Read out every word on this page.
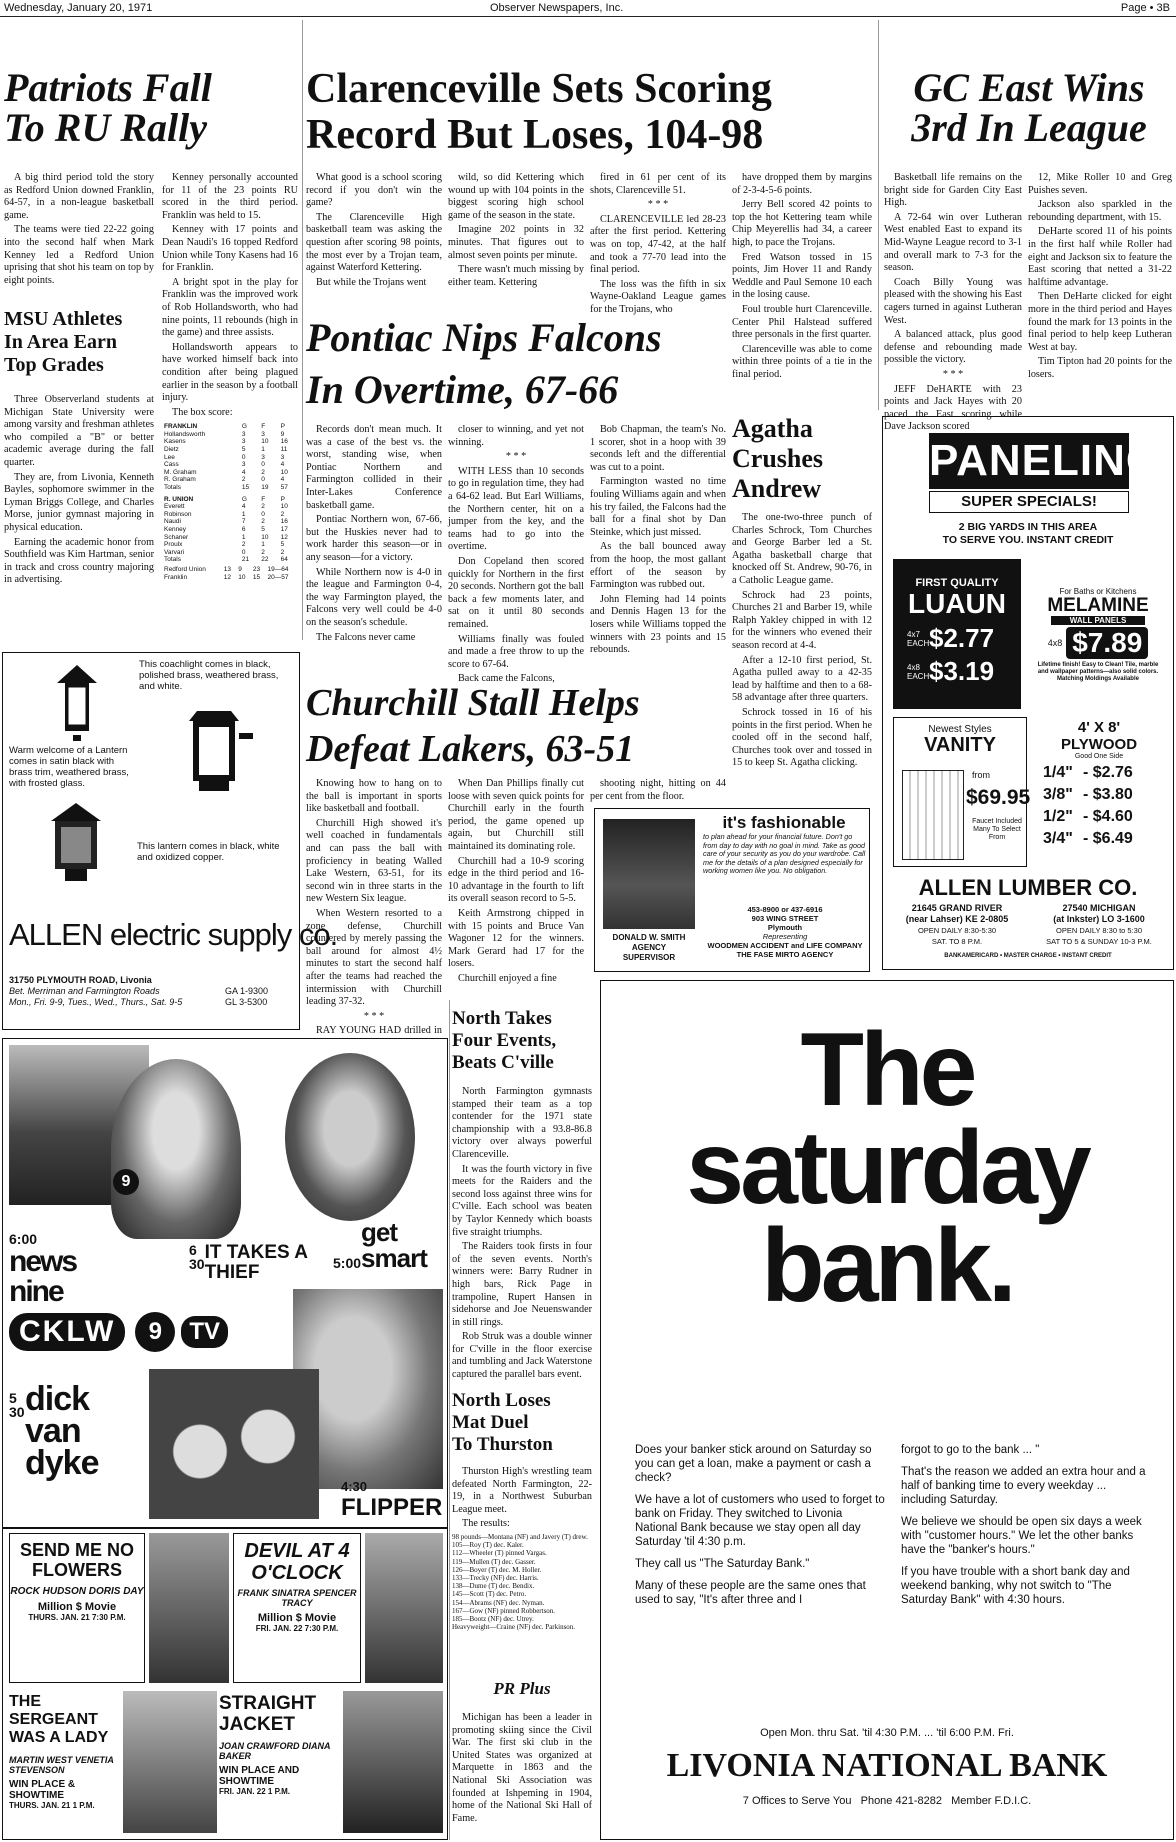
Wednesday, January 20, 1971	Observer Newspapers, Inc.	Page • 3B
Patriots Fall
To RU Rally

A big third period told the story as Redford Union downed Franklin, 64-57, in a non-league basketball game.

The teams were tied 22-22 going into the second half when Mark Kenney led a Redford Union uprising that shot his team on top by eight points.

Kenney personally accounted for 11 of the 23 points RU scored in the third period. Franklin was held to 15.

Kenney with 17 points and Dean Naudi's 16 topped Redford Union while Tony Kasens had 16 for Franklin.

A bright spot in the play for Franklin was the improved work of Rob Hollandsworth, who had nine points, 11 rebounds (high in the game) and three assists.

Hollandsworth appears to have worked himself back into condition after being plagued earlier in the season by a football injury.

The box score:

FRANKLIN	G	F	P
Hollandsworth	3	3	9
Kasens	3	10	16
Dietz	5	1	11
Lee	0	3	3
Cass	3	0	4
M. Graham	4	2	10
R. Graham	2	0	4
Totals	15	19	57

R. UNION	G	F	P
Everett	4	2	10
Robinson	1	0	2
Naudi	7	2	16
Kenney	6	5	17
Schaner	1	10	12
Proulx	2	1	5
Varvari	0	2	2
Totals	21	22	64
Redford Union	13	9	23	19—64
Franklin	12	10	15	20—57
MSU Athletes
In Area Earn
Top Grades

Three Observerland students at Michigan State University were among varsity and freshman athletes who compiled a "B" or better academic average during the fall quarter.

They are, from Livonia, Kenneth Bayles, sophomore swimmer in the Lyman Briggs College, and Charles Morse, junior gymnast majoring in physical education.

Earning the academic honor from Southfield was Kim Hartman, senior in track and cross country majoring in advertising.

Clarenceville Sets Scoring
Record But Loses, 104-98

What good is a school scoring record if you don't win the game?

The Clarenceville High basketball team was asking the question after scoring 98 points, the most ever by a Trojan team, against Waterford Kettering.

But while the Trojans went

wild, so did Kettering which wound up with 104 points in the biggest scoring high school game of the season in the state.

Imagine 202 points in 32 minutes. That figures out to almost seven points per minute.

There wasn't much missing by either team. Kettering

fired in 61 per cent of its shots, Clarenceville 51.

* * *

CLARENCEVILLE led 28-23 after the first period. Kettering was on top, 47-42, at the half and took a 77-70 lead into the final period.

The loss was the fifth in six Wayne-Oakland League games for the Trojans, who

have dropped them by margins of 2-3-4-5-6 points.

Jerry Bell scored 42 points to top the hot Kettering team while Chip Meyerellis had 34, a career high, to pace the Trojans.

Fred Watson tossed in 15 points, Jim Hover 11 and Randy Weddle and Paul Semone 10 each in the losing cause.

Foul trouble hurt Clarenceville. Center Phil Halstead suffered three personals in the first quarter.

Clarenceville was able to come within three points of a tie in the final period.

GC East Wins
3rd In League

Basketball life remains on the bright side for Garden City East High.

A 72-64 win over Lutheran West enabled East to expand its Mid-Wayne League record to 3-1 and overall mark to 7-3 for the season.

Coach Billy Young was pleased with the showing his East cagers turned in against Lutheran West.

A balanced attack, plus good defense and rebounding made possible the victory.

* * *

JEFF DeHARTE with 23 points and Jack Hayes with 20 paced the East scoring while Dave Jackson scored

12, Mike Roller 10 and Greg Puishes seven.

Jackson also sparkled in the rebounding department, with 15.

DeHarte scored 11 of his points in the first half while Roller had eight and Jackson six to feature the East scoring that netted a 31-22 halftime advantage.

Then DeHarte clicked for eight more in the third period and Hayes found the mark for 13 points in the final period to help keep Lutheran West at bay.

Tim Tipton had 20 points for the losers.

Pontiac Nips Falcons
In Overtime, 67-66

Records don't mean much. It was a case of the best vs. the worst, standing wise, when Pontiac Northern and Farmington collided in their Inter-Lakes Conference basketball game.

Pontiac Northern won, 67-66, but the Huskies never had to work harder this season—or in any season—for a victory.

While Northern now is 4-0 in the league and Farmington 0-4, the way Farmington played, the Falcons very well could be 4-0 on the season's schedule.

The Falcons never came

closer to winning, and yet not winning.

* * *

WITH LESS than 10 seconds to go in regulation time, they had a 64-62 lead. But Earl Williams, the Northern center, hit on a jumper from the key, and the teams had to go into the overtime.

Don Copeland then scored quickly for Northern in the first 20 seconds. Northern got the ball back a few moments later, and sat on it until 80 seconds remained.

Williams finally was fouled and made a free throw to up the score to 67-64.

Back came the Falcons,

Bob Chapman, the team's No. 1 scorer, shot in a hoop with 39 seconds left and the differential was cut to a point.

Farmington wasted no time fouling Williams again and when his try failed, the Falcons had the ball for a final shot by Dan Steinke, which just missed.

As the ball bounced away from the hoop, the most gallant effort of the season by Farmington was rubbed out.

John Fleming had 14 points and Dennis Hagen 13 for the losers while Williams topped the winners with 23 points and 15 rebounds.

Agatha
Crushes
Andrew

The one-two-three punch of Charles Schrock, Tom Churches and George Barber led a St. Agatha basketball charge that knocked off St. Andrew, 90-76, in a Catholic League game.

Schrock had 23 points, Churches 21 and Barber 19, while Ralph Yakley chipped in with 12 for the winners who evened their season record at 4-4.

After a 12-10 first period, St. Agatha pulled away to a 42-35 lead by halftime and then to a 68-58 advantage after three quarters.

Schrock tossed in 16 of his points in the first period. When he cooled off in the second half, Churches took over and tossed in 15 to keep St. Agatha clicking.

PANELING
SUPER SPECIALS!
2 BIG YARDS IN THIS AREA
TO SERVE YOU. INSTANT CREDIT
FIRST QUALITY
LUAUN
4x7 EACH $2.77
4x8 EACH $3.19
For Baths or Kitchens
MELAMINE
WALL PANELS
4x8 $7.89
Lifetime finish! Easy to Clean! Tile, marble and wallpaper patterns—also solid colors. Matching Moldings Available
Newest Styles
VANITY
from
$69.95
Faucet Included Many To Select From
4' X 8'
PLYWOOD
Good One Side
1/4" - $2.76
3/8" - $3.80
1/2" - $4.60
3/4" - $6.49
ALLEN LUMBER CO.
21645 GRAND RIVER
(near Lahser) KE 2-0805
OPEN DAILY 8:30-5:30
SAT. TO 8 P.M.
27540 MICHIGAN
(at Inkster) LO 3-1600
OPEN DAILY 8:30 to 5:30
SAT TO 5 & SUNDAY 10-3 P.M.
BANKAMERICARD • MASTER CHARGE • INSTANT CREDIT
This coachlight comes in black, polished brass, weathered brass, and white.
Warm welcome of a Lantern comes in satin black with brass trim, weathered brass, with frosted glass.
This lantern comes in black, white and oxidized copper.
ALLEN electric supply co.
31750 PLYMOUTH ROAD, Livonia
Bet. Merriman and Farmington Roads
Mon., Fri. 9-9, Tues., Wed., Thurs., Sat. 9-5
GA 1-9300
GL 3-5300
Churchill Stall Helps
Defeat Lakers, 63-51

Knowing how to hang on to the ball is important in sports like basketball and football.

Churchill High showed it's well coached in fundamentals and can pass the ball with proficiency in beating Walled Lake Western, 63-51, for its second win in three starts in the new Western Six league.

When Western resorted to a zone defense, Churchill countered by merely passing the ball around for almost 4½ minutes to start the second half after the teams had reached the intermission with Churchill leading 37-32.

* * *

RAY YOUNG HAD drilled in

When Dan Phillips finally cut loose with seven quick points for Churchill early in the fourth period, the game opened up again, but Churchill still maintained its dominating role.

Churchill had a 10-9 scoring edge in the third period and 16-10 advantage in the fourth to lift its overall season record to 5-5.

Keith Armstrong chipped in with 15 points and Bruce Van Wagoner 12 for the winners. Mark Gerard had 17 for the losers.

Churchill enjoyed a fine

shooting night, hitting on 44 per cent from the floor.

DONALD W. SMITH
AGENCY
SUPERVISOR
it's fashionable
to plan ahead for your financial future. Don't go from day to day with no goal in mind. Take as good care of your security as you do your wardrobe. Call me for the details of a plan designed especially for working women like you. No obligation.
453-8900 or 437-6916
903 WING STREET
Plymouth
Representing
WOODMEN ACCIDENT and LIFE COMPANY
THE FASE MIRTO AGENCY
North Takes
Four Events,
Beats C'ville

North Farmington gymnasts stamped their team as a top contender for the 1971 state championship with a 93.8-86.8 victory over always powerful Clarenceville.

It was the fourth victory in five meets for the Raiders and the second loss against three wins for C'ville. Each school was beaten by Taylor Kennedy which boasts five straight triumphs.

The Raiders took firsts in four of the seven events. North's winners were: Barry Rudner in high bars, Rick Page in trampoline, Rupert Hansen in sidehorse and Joe Neuenswander in still rings.

Rob Struk was a double winner for C'ville in the floor exercise and tumbling and Jack Waterstone captured the parallel bars event.

North Loses
Mat Duel
To Thurston

Thurston High's wrestling team defeated North Farmington, 22-19, in a Northwest Suburban League meet.

The results:

98 pounds—Montana (NF) and Javery (T) drew.
105—Roy (T) dec. Kaler.
112—Wheeler (T) pinned Vargas.
119—Mullen (T) dec. Gasser.
126—Boyer (T) dec. M. Holler.
133—Trecky (NF) dec. Harris.
138—Dume (T) dec. Bendix.
145—Scott (T) dec. Petro.
154—Abrams (NF) dec. Nyman.
167—Gow (NF) pinned Robbertson.
185—Bootz (NF) dec. Utrey.
Heavyweight—Craine (NF) dec. Parkinson.
PR Plus

Michigan has been a leader in promoting skiing since the Civil War. The first ski club in the United States was organized at Marquette in 1863 and the National Ski Association was founded at Ishpeming in 1904, home of the National Ski Hall of Fame.

9
6:00
news nine
6 30
IT TAKES A THIEF	5:00
get smart
CKLW	9	TV
5 30 dick
van
dyke
4:30
FLIPPER
SEND ME NO FLOWERS
ROCK HUDSON DORIS DAY
Million $ Movie
THURS. JAN. 21 7:30 P.M.
DEVIL AT 4 O'CLOCK
FRANK SINATRA SPENCER TRACY
Million $ Movie
FRI. JAN. 22 7:30 P.M.
THE SERGEANT WAS A LADY
MARTIN WEST VENETIA STEVENSON
WIN PLACE & SHOWTIME
THURS. JAN. 21 1 P.M.
STRAIGHT JACKET
JOAN CRAWFORD DIANA BAKER
WIN PLACE AND SHOWTIME
FRI. JAN. 22 1 P.M.
The
saturday
bank.

Does your banker stick around on Saturday so you can get a loan, make a payment or cash a check?

We have a lot of customers who used to forget to bank on Friday. They switched to Livonia National Bank because we stay open all day Saturday 'til 4:30 p.m.

They call us "The Saturday Bank."

Many of these people are the same ones that used to say, "It's after three and I

forgot to go to the bank ... "

That's the reason we added an extra hour and a half of banking time to every weekday ... including Saturday.

We believe we should be open six days a week with "customer hours." We let the other banks have the "banker's hours."

If you have trouble with a short bank day and weekend banking, why not switch to "The Saturday Bank" with 4:30 hours.

Open Mon. thru Sat. 'til 4:30 P.M. ... 'til 6:00 P.M. Fri.
LIVONIA NATIONAL BANK
7 Offices to Serve You   Phone 421-8282   Member F.D.I.C.
